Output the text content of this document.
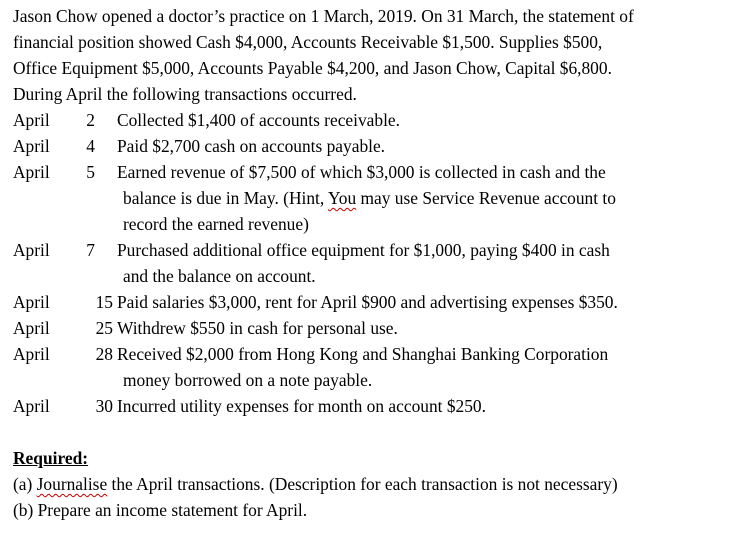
Jason Chow opened a doctor’s practice on 1 March, 2019. On 31 March, the statement of
financial position showed Cash $4,000, Accounts Receivable $1,500. Supplies $500,
Office Equipment $5,000, Accounts Payable $4,200, and Jason Chow, Capital $6,800.
During April the following transactions occurred.

April	2 Collected $1,400 of accounts receivable.
April	4 Paid $2,700 cash on accounts payable.
April	5 Earned revenue of $7,500 of which $3,000 is collected in cash and the
balance is due in May. (Hint, You may use Service Revenue account to
record the earned revenue)
April	7 Purchased additional office equipment for $1,000, paying $400 in cash
and the balance on account.
April	15 Paid salaries $3,000, rent for April $900 and advertising expenses $350.
April	25 Withdrew $550 in cash for personal use.
April	28 Received $2,000 from Hong Kong and Shanghai Banking Corporation
money borrowed on a note payable.
April	30 Incurred utility expenses for month on account $250.
Required:
(a) Journalise the April transactions. (Description for each transaction is not necessary)
(b) Prepare an income statement for April.
